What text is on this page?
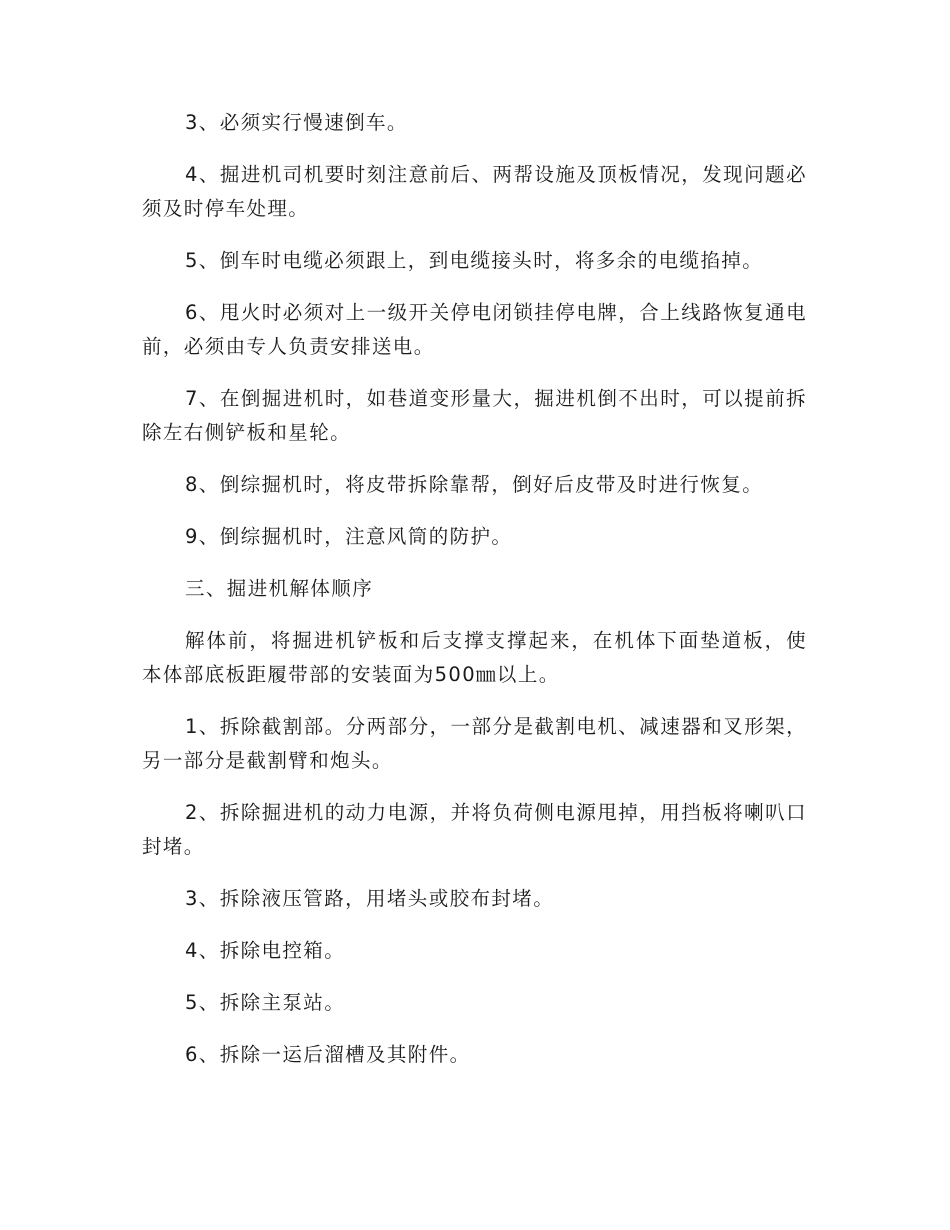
3、必须实行慢速倒车。

4、掘进机司机要时刻注意前后、两帮设施及顶板情况，发现问题必须及时停车处理。

5、倒车时电缆必须跟上，到电缆接头时，将多余的电缆掐掉。

6、甩火时必须对上一级开关停电闭锁挂停电牌，合上线路恢复通电前，必须由专人负责安排送电。

7、在倒掘进机时，如巷道变形量大，掘进机倒不出时，可以提前拆除左右侧铲板和星轮。

8、倒综掘机时，将皮带拆除靠帮，倒好后皮带及时进行恢复。

9、倒综掘机时，注意风筒的防护。

三、掘进机解体顺序

解体前，将掘进机铲板和后支撑支撑起来，在机体下面垫道板，使本体部底板距履带部的安装面为500㎜以上。

1、拆除截割部。分两部分，一部分是截割电机、减速器和叉形架，另一部分是截割臂和炮头。

2、拆除掘进机的动力电源，并将负荷侧电源甩掉，用挡板将喇叭口封堵。

3、拆除液压管路，用堵头或胶布封堵。

4、拆除电控箱。

5、拆除主泵站。

6、拆除一运后溜槽及其附件。
